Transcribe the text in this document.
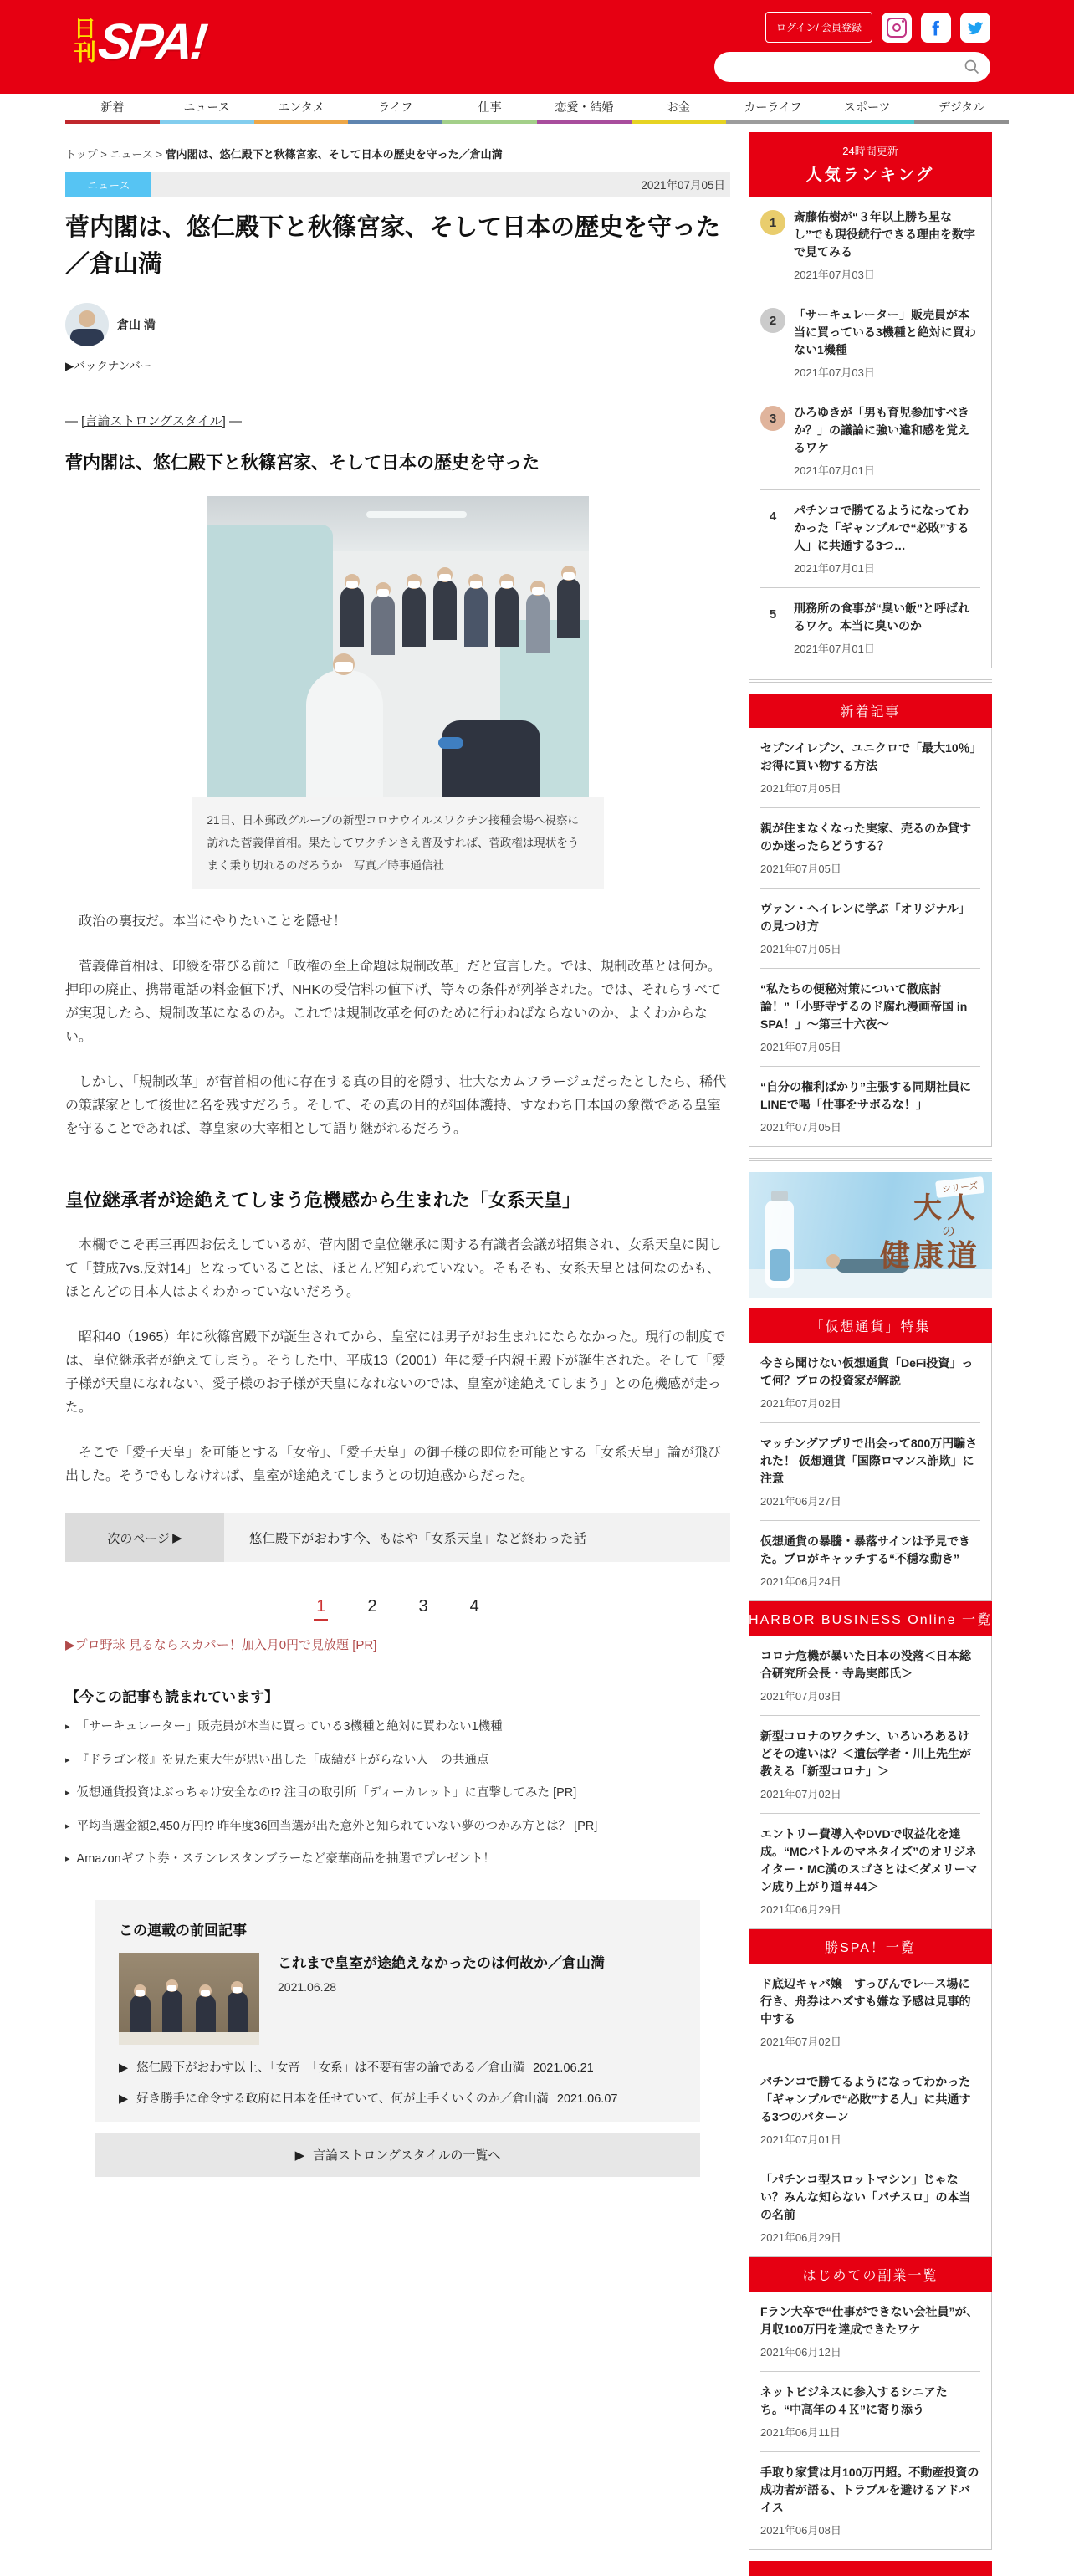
日刊 SPA!	ログイン/ 会員登録
新着	ニュース	エンタメ	ライフ	仕事	恋愛・結婚	お金	カーライフ	スポーツ	デジタル
トップ > ニュース > 菅内閣は、悠仁殿下と秋篠宮家、そして日本の歴史を守った／倉山満
ニュース	2021年07月05日
菅内閣は、悠仁殿下と秋篠宮家、そして日本の歴史を守った／倉山満
倉山 満
▶バックナンバー
― [言論ストロングスタイル] ―
菅内閣は、悠仁殿下と秋篠宮家、そして日本の歴史を守った
21日、日本郵政グループの新型コロナウイルスワクチン接種会場へ視察に訪れた菅義偉首相。果たしてワクチンさえ普及すれば、菅政権は現状をうまく乗り切れるのだろうか　写真／時事通信社

　政治の裏技だ。本当にやりたいことを隠せ！

　菅義偉首相は、印綬を帯びる前に「政権の至上命題は規制改革」だと宣言した。では、規制改革とは何か。押印の廃止、携帯電話の料金値下げ、NHKの受信料の値下げ、等々の条件が列挙された。では、それらすべてが実現したら、規制改革になるのか。これでは規制改革を何のために行わねばならないのか、よくわからない。

　しかし、「規制改革」が菅首相の他に存在する真の目的を隠す、壮大なカムフラージュだったとしたら、稀代の策謀家として後世に名を残すだろう。そして、その真の目的が国体護持、すなわち日本国の象徴である皇室を守ることであれば、尊皇家の大宰相として語り継がれるだろう。

皇位継承者が途絶えてしまう危機感から生まれた「女系天皇」

　本欄でこそ再三再四お伝えしているが、菅内閣で皇位継承に関する有識者会議が招集され、女系天皇に関して「賛成7vs.反対14」となっていることは、ほとんど知られていない。そもそも、女系天皇とは何なのかも、ほとんどの日本人はよくわかっていないだろう。

　昭和40（1965）年に秋篠宮殿下が誕生されてから、皇室には男子がお生まれにならなかった。現行の制度では、皇位継承者が絶えてしまう。そうした中、平成13（2001）年に愛子内親王殿下が誕生された。そして「愛子様が天皇になれない、愛子様のお子様が天皇になれないのでは、皇室が途絶えてしまう」との危機感が走った。

　そこで「愛子天皇」を可能とする「女帝」、「愛子天皇」の御子様の即位を可能とする「女系天皇」論が飛び出した。そうでもしなければ、皇室が途絶えてしまうとの切迫感からだった。

次のページ ▶	悠仁殿下がおわす今、もはや「女系天皇」など終わった話
1	2	3	4
▶プロ野球 見るならスカパー！加入月0円で見放題 [PR]
【今この記事も読まれています】
▸ 「サーキュレーター」販売員が本当に買っている3機種と絶対に買わない1機種
▸ 『ドラゴン桜』を見た東大生が思い出した「成績が上がらない人」の共通点
▸ 仮想通貨投資はぶっちゃけ安全なの!? 注目の取引所「ディーカレット」に直撃してみた [PR]
▸ 平均当選金額2,450万円!? 昨年度36回当選が出た意外と知られていない夢のつかみ方とは？ [PR]
▸ Amazonギフト券・ステンレスタンブラーなど豪華商品を抽選でプレゼント！
この連載の前回記事
これまで皇室が途絶えなかったのは何故か／倉山満
2021.06.28
▶ 悠仁殿下がおわす以上、「女帝」「女系」は不要有害の論である／倉山満 2021.06.21
▶ 好き勝手に命令する政府に日本を任せていて、何が上手くいくのか／倉山満 2021.06.07
▶ 言論ストロングスタイルの一覧へ
24時間更新
人気ランキング
1	斎藤佑樹が“３年以上勝ち星なし”でも現役続行できる理由を数字で見てみる
2021年07月03日
2	「サーキュレーター」販売員が本当に買っている3機種と絶対に買わない1機種
2021年07月03日
3	ひろゆきが「男も育児参加すべきか？」の議論に強い違和感を覚えるワケ
2021年07月01日
4	パチンコで勝てるようになってわかった「ギャンブルで“必敗”する人」に共通する3つ…
2021年07月01日
5	刑務所の食事が“臭い飯”と呼ばれるワケ。本当に臭いのか
2021年07月01日
新着記事
セブンイレブン、ユニクロで「最大10％」お得に買い物する方法
2021年07月05日
親が住まなくなった実家、売るのか貸すのか迷ったらどうする？
2021年07月05日
ヴァン・ヘイレンに学ぶ「オリジナル」の見つけ方
2021年07月05日
“私たちの便秘対策について徹底討論！”「小野寺ずるのド腐れ漫画帝国 in SPA！」～第三十六夜～
2021年07月05日
“自分の権利ばかり”主張する同期社員にLINEで喝「仕事をサボるな！」
2021年07月05日
シリーズ
大人
の
健康道
「仮想通貨」特集
今さら聞けない仮想通貨「DeFi投資」って何？プロの投資家が解説
2021年07月02日
マッチングアプリで出会って800万円騙された！ 仮想通貨「国際ロマンス詐欺」に注意
2021年06月27日
仮想通貨の暴騰・暴落サインは予見できた。プロがキャッチする“不穏な動き”
2021年06月24日
HARBOR BUSINESS Online 一覧
コロナ危機が暴いた日本の没落＜日本総合研究所会長・寺島実郎氏＞
2021年07月03日
新型コロナのワクチン、いろいろあるけどその違いは？＜遺伝学者・川上先生が教える「新型コロナ」＞
2021年07月02日
エントリー費導入やDVDで収益化を達成。“MCバトルのマネタイズ”のオリジネイター・MC漢のスゴさとは＜ダメリーマン成り上がり道＃44＞
2021年06月29日
勝SPA！一覧
ド底辺キャバ嬢　すっぴんでレース場に行き、舟券はハズすも嫌な予感は見事的中する
2021年07月02日
パチンコで勝てるようになってわかった「ギャンブルで“必敗”する人」に共通する3つのパターン
2021年07月01日
「パチンコ型スロットマシン」じゃない？みんな知らない「パチスロ」の本当の名前
2021年06月29日
はじめての副業一覧
Fラン大卒で“仕事ができない会社員”が、月収100万円を達成できたワケ
2021年06月12日
ネットビジネスに参入するシニアたち。“中高年の４Ｋ”に寄り添う
2021年06月11日
手取り家賃は月100万円超。不動産投資の成功者が語る、トラブルを避けるアドバイス
2021年06月08日
